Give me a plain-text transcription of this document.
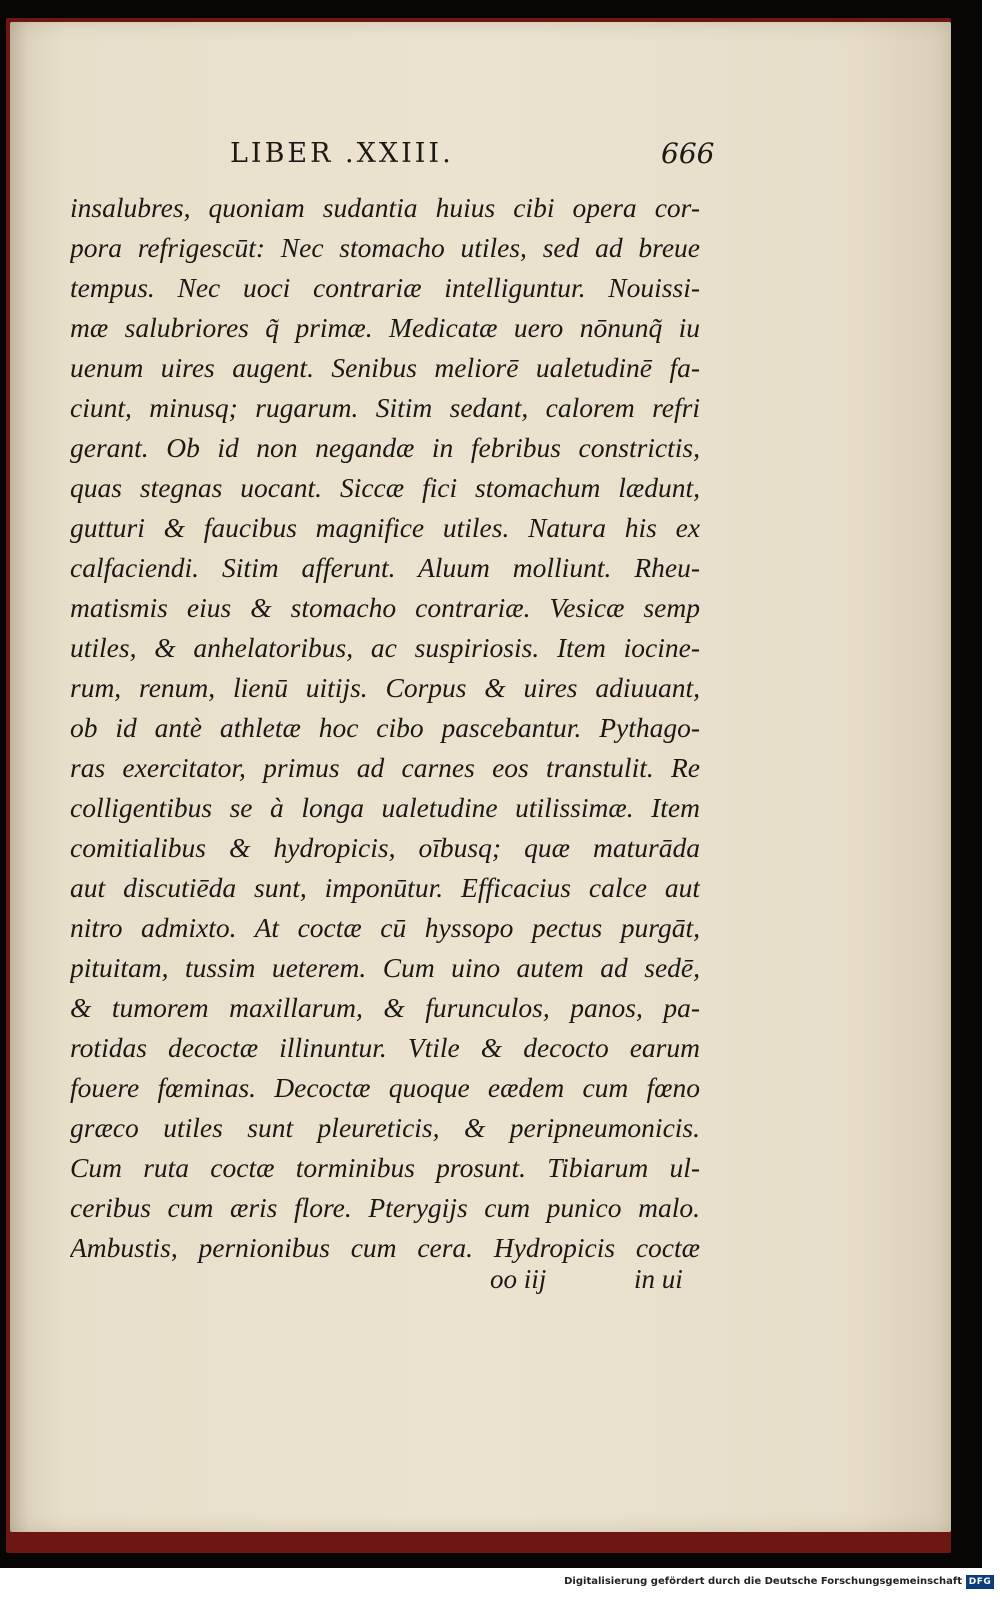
LIBER .XXIII.	666
insalubres, quoniam sudantia huius cibi opera cor-
pora refrigescūt: Nec stomacho utiles, sed ad breue
tempus. Nec uoci contrariæ intelliguntur. Nouissi-
mæ salubriores q̃ primæ. Medicatæ uero nōnunq̃ iu
uenum uires augent. Senibus meliorē ualetudinē fa-
ciunt, minusq; rugarum. Sitim sedant, calorem refri
gerant. Ob id non negandæ in febribus constrictis,
quas stegnas uocant. Siccæ fici stomachum lædunt,
gutturi & faucibus magnifice utiles. Natura his ex
calfaciendi. Sitim afferunt. Aluum molliunt. Rheu-
matismis eius & stomacho contrariæ. Vesicæ semp
utiles, & anhelatoribus, ac suspiriosis. Item iocine-
rum, renum, lienū uitijs. Corpus & uires adiuuant,
ob id antè athletæ hoc cibo pascebantur. Pythago-
ras exercitator, primus ad carnes eos transtulit. Re
colligentibus se à longa ualetudine utilissimæ. Item
comitialibus & hydropicis, oībusq; quæ maturāda
aut discutiēda sunt, imponūtur. Efficacius calce aut
nitro admixto. At coctæ cū hyssopo pectus purgāt,
pituitam, tussim ueterem. Cum uino autem ad sedē,
& tumorem maxillarum, & furunculos, panos, pa-
rotidas decoctæ illinuntur. Vtile & decocto earum
fouere fœminas. Decoctæ quoque eædem cum fœno
græco utiles sunt pleureticis, & peripneumonicis.
Cum ruta coctæ torminibus prosunt. Tibiarum ul-
ceribus cum æris flore. Pterygijs cum punico malo.
Ambustis, pernionibus cum cera. Hydropicis coctæ
oo iij	in ui
Digitalisierung gefördert durch die Deutsche Forschungsgemeinschaft DFG
